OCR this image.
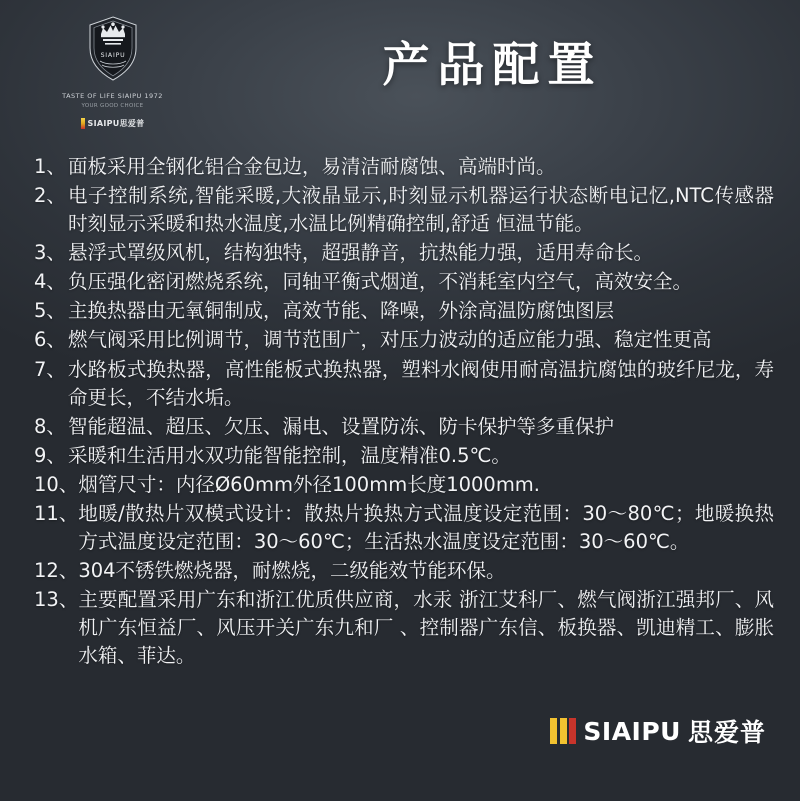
SIAIPU
TASTE OF LIFE SIAIPU 1972
YOUR GOOD CHOICE
SIAIPU思爱普
产品配置
1、 面板采用全钢化铝合金包边，易清洁耐腐蚀、高端时尚。
2、 电子控制系统,智能采暖,大液晶显示,时刻显示机器运行状态断电记忆,NTC传感器时刻显示采暖和热水温度,水温比例精确控制,舒适 恒温节能。
3、 悬浮式罩级风机，结构独特，超强静音，抗热能力强，适用寿命长。
4、 负压强化密闭燃烧系统，同轴平衡式烟道，不消耗室内空气，高效安全。
5、 主换热器由无氧铜制成，高效节能、降噪，外涂高温防腐蚀图层
6、 燃气阀采用比例调节，调节范围广，对压力波动的适应能力强、稳定性更高
7、 水路板式换热器，高性能板式换热器，塑料水阀使用耐高温抗腐蚀的玻纤尼龙，寿命更长，不结水垢。
8、 智能超温、超压、欠压、漏电、设置防冻、防卡保护等多重保护
9、 采暖和生活用水双功能智能控制，温度精准0.5℃。
10、 烟管尺寸：内径Ø60mm外径100mm长度1000mm.
11、 地暖/散热片双模式设计：散热片换热方式温度设定范围：30～80℃；地暖换热方式温度设定范围：30～60℃；生活热水温度设定范围：30～60℃。
12、 304不锈铁燃烧器，耐燃烧，二级能效节能环保。
13、 主要配置采用广东和浙江优质供应商，水汞 浙江艾科厂、燃气阀浙江强邦厂、风机广东恒益厂、风压开关广东九和厂 、控制器广东信、板换器、凯迪精工、膨胀水箱、菲达。
SIAIPU 思爱普
